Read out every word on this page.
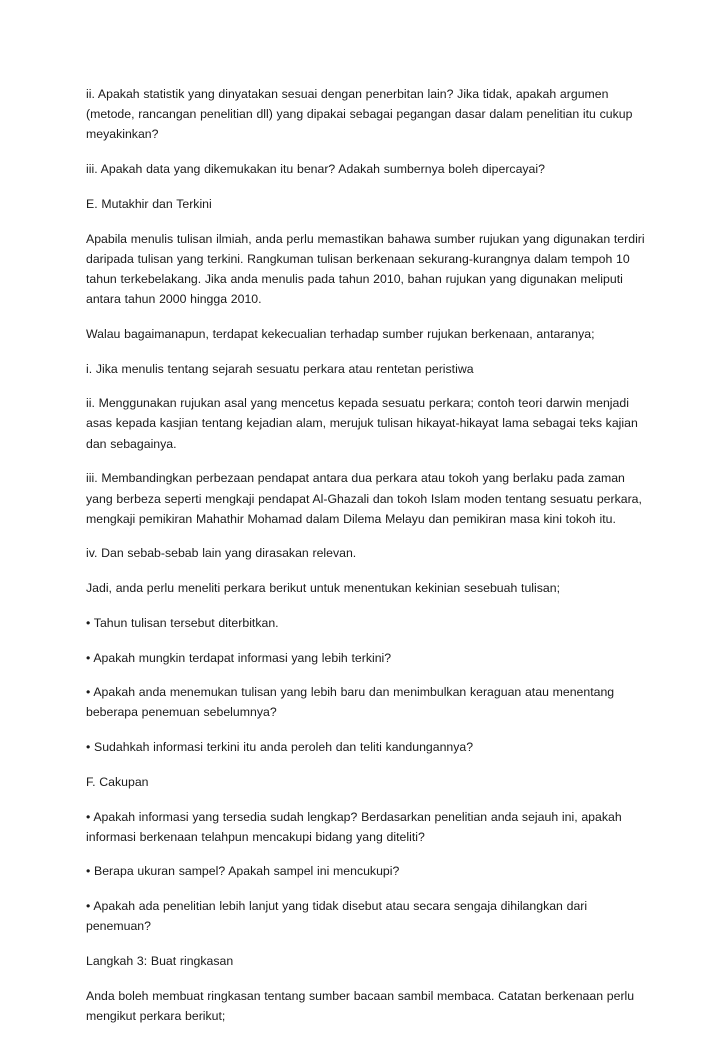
ii. Apakah statistik yang dinyatakan sesuai dengan penerbitan lain? Jika tidak, apakah argumen (metode, rancangan penelitian dll) yang dipakai sebagai pegangan dasar dalam penelitian itu cukup meyakinkan?

iii. Apakah data yang dikemukakan itu benar? Adakah sumbernya boleh dipercayai?

E. Mutakhir dan Terkini

Apabila menulis tulisan ilmiah, anda perlu memastikan bahawa sumber rujukan yang digunakan terdiri daripada tulisan yang terkini. Rangkuman tulisan berkenaan sekurang-kurangnya dalam tempoh 10 tahun terkebelakang. Jika anda menulis pada tahun 2010, bahan rujukan yang digunakan meliputi antara tahun 2000 hingga 2010.

Walau bagaimanapun, terdapat kekecualian terhadap sumber rujukan berkenaan, antaranya;

i. Jika menulis tentang sejarah sesuatu perkara atau rentetan peristiwa

ii. Menggunakan rujukan asal yang mencetus kepada sesuatu perkara; contoh teori darwin menjadi asas kepada kasjian tentang kejadian alam, merujuk tulisan hikayat-hikayat lama sebagai teks kajian dan sebagainya.

iii. Membandingkan perbezaan pendapat antara dua perkara atau tokoh yang berlaku pada zaman yang berbeza seperti mengkaji pendapat Al-Ghazali dan tokoh Islam moden tentang sesuatu perkara, mengkaji pemikiran Mahathir Mohamad dalam Dilema Melayu dan pemikiran masa kini tokoh itu.

iv. Dan sebab-sebab lain yang dirasakan relevan.

Jadi, anda perlu meneliti perkara berikut untuk menentukan kekinian sesebuah tulisan;

• Tahun tulisan tersebut diterbitkan.

• Apakah mungkin terdapat informasi yang lebih terkini?

• Apakah anda menemukan tulisan yang lebih baru dan menimbulkan keraguan atau menentang beberapa penemuan sebelumnya?

• Sudahkah informasi terkini itu anda peroleh dan teliti kandungannya?

F. Cakupan

• Apakah informasi yang tersedia sudah lengkap? Berdasarkan penelitian anda sejauh ini, apakah informasi berkenaan telahpun mencakupi bidang yang diteliti?

• Berapa ukuran sampel? Apakah sampel ini mencukupi?

• Apakah ada penelitian lebih lanjut yang tidak disebut atau secara sengaja dihilangkan dari penemuan?

Langkah 3: Buat ringkasan

Anda boleh membuat ringkasan tentang sumber bacaan sambil membaca. Catatan berkenaan perlu mengikut perkara berikut;
